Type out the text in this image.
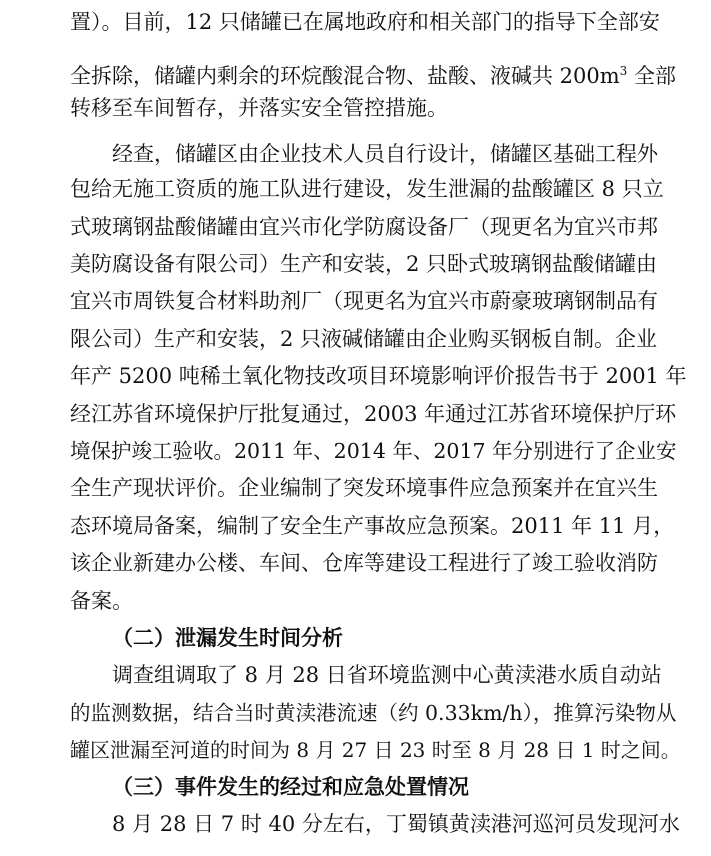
置）。目前，12 只储罐已在属地政府和相关部门的指导下全部安
全拆除，储罐内剩余的环烷酸混合物、盐酸、液碱共 $200m^3$ 全部
转移至车间暂存，并落实安全管控措施。
经查，储罐区由企业技术人员自行设计，储罐区基础工程外
包给无施工资质的施工队进行建设，发生泄漏的盐酸罐区 8 只立
式玻璃钢盐酸储罐由宜兴市化学防腐设备厂（现更名为宜兴市邦
美防腐设备有限公司）生产和安装，2 只卧式玻璃钢盐酸储罐由
宜兴市周铁复合材料助剂厂（现更名为宜兴市蔚豪玻璃钢制品有
限公司）生产和安装，2 只液碱储罐由企业购买钢板自制。企业
年产 5200 吨稀土氧化物技改项目环境影响评价报告书于 2001 年
经江苏省环境保护厅批复通过，2003 年通过江苏省环境保护厅环
境保护竣工验收。2011 年、2014 年、2017 年分别进行了企业安
全生产现状评价。企业编制了突发环境事件应急预案并在宜兴生
态环境局备案，编制了安全生产事故应急预案。2011 年 11 月，
该企业新建办公楼、车间、仓库等建设工程进行了竣工验收消防
备案。
（二）泄漏发生时间分析
调查组调取了 8 月 28 日省环境监测中心黄渎港水质自动站
的监测数据，结合当时黄渎港流速（约 0.33km/h），推算污染物从
罐区泄漏至河道的时间为 8 月 27 日 23 时至 8 月 28 日 1 时之间。
（三）事件发生的经过和应急处置情况
8 月 28 日 7 时 40 分左右，丁蜀镇黄渎港河巡河员发现河水
